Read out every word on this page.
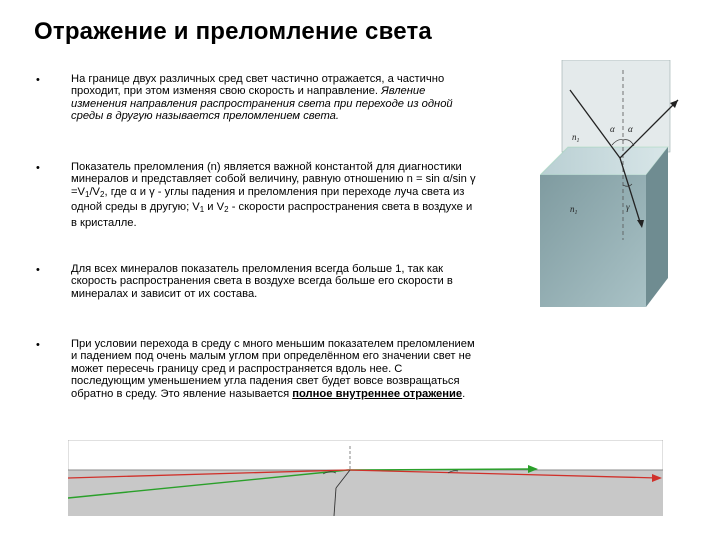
Отражение и преломление света
•	На границе двух различных сред свет частично отражается, а частично проходит, при этом изменяя свою скорость и направление. Явление изменения направления распространения света при переходе из одной среды в другую называется преломлением света.
•	Показатель преломления (n) является важной константой для диагностики минералов и представляет собой величину, равную отношению n = sin α/sin $\gamma =V_1/V_2$, где α и γ - углы падения и преломления при переходе луча света из одной среды в другую; $V_1$ и $V_2$ - скорости распространения света в воздухе и в кристалле.
•	Для всех минералов показатель преломления всегда больше 1, так как скорость распространения света в воздухе всегда больше его скорости в минералах и зависит от их состава.
•	При условии перехода в среду с много меньшим показателем преломлением и падением под очень малым углом при определённом его значении свет не может пересечь границу сред и распространяется вдоль нее. С последующим уменьшением угла падения свет будет вовсе возвращаться обратно в среду. Это явление называется полное внутреннее отражение.
$n_1$
α α
$n_1$
γ
